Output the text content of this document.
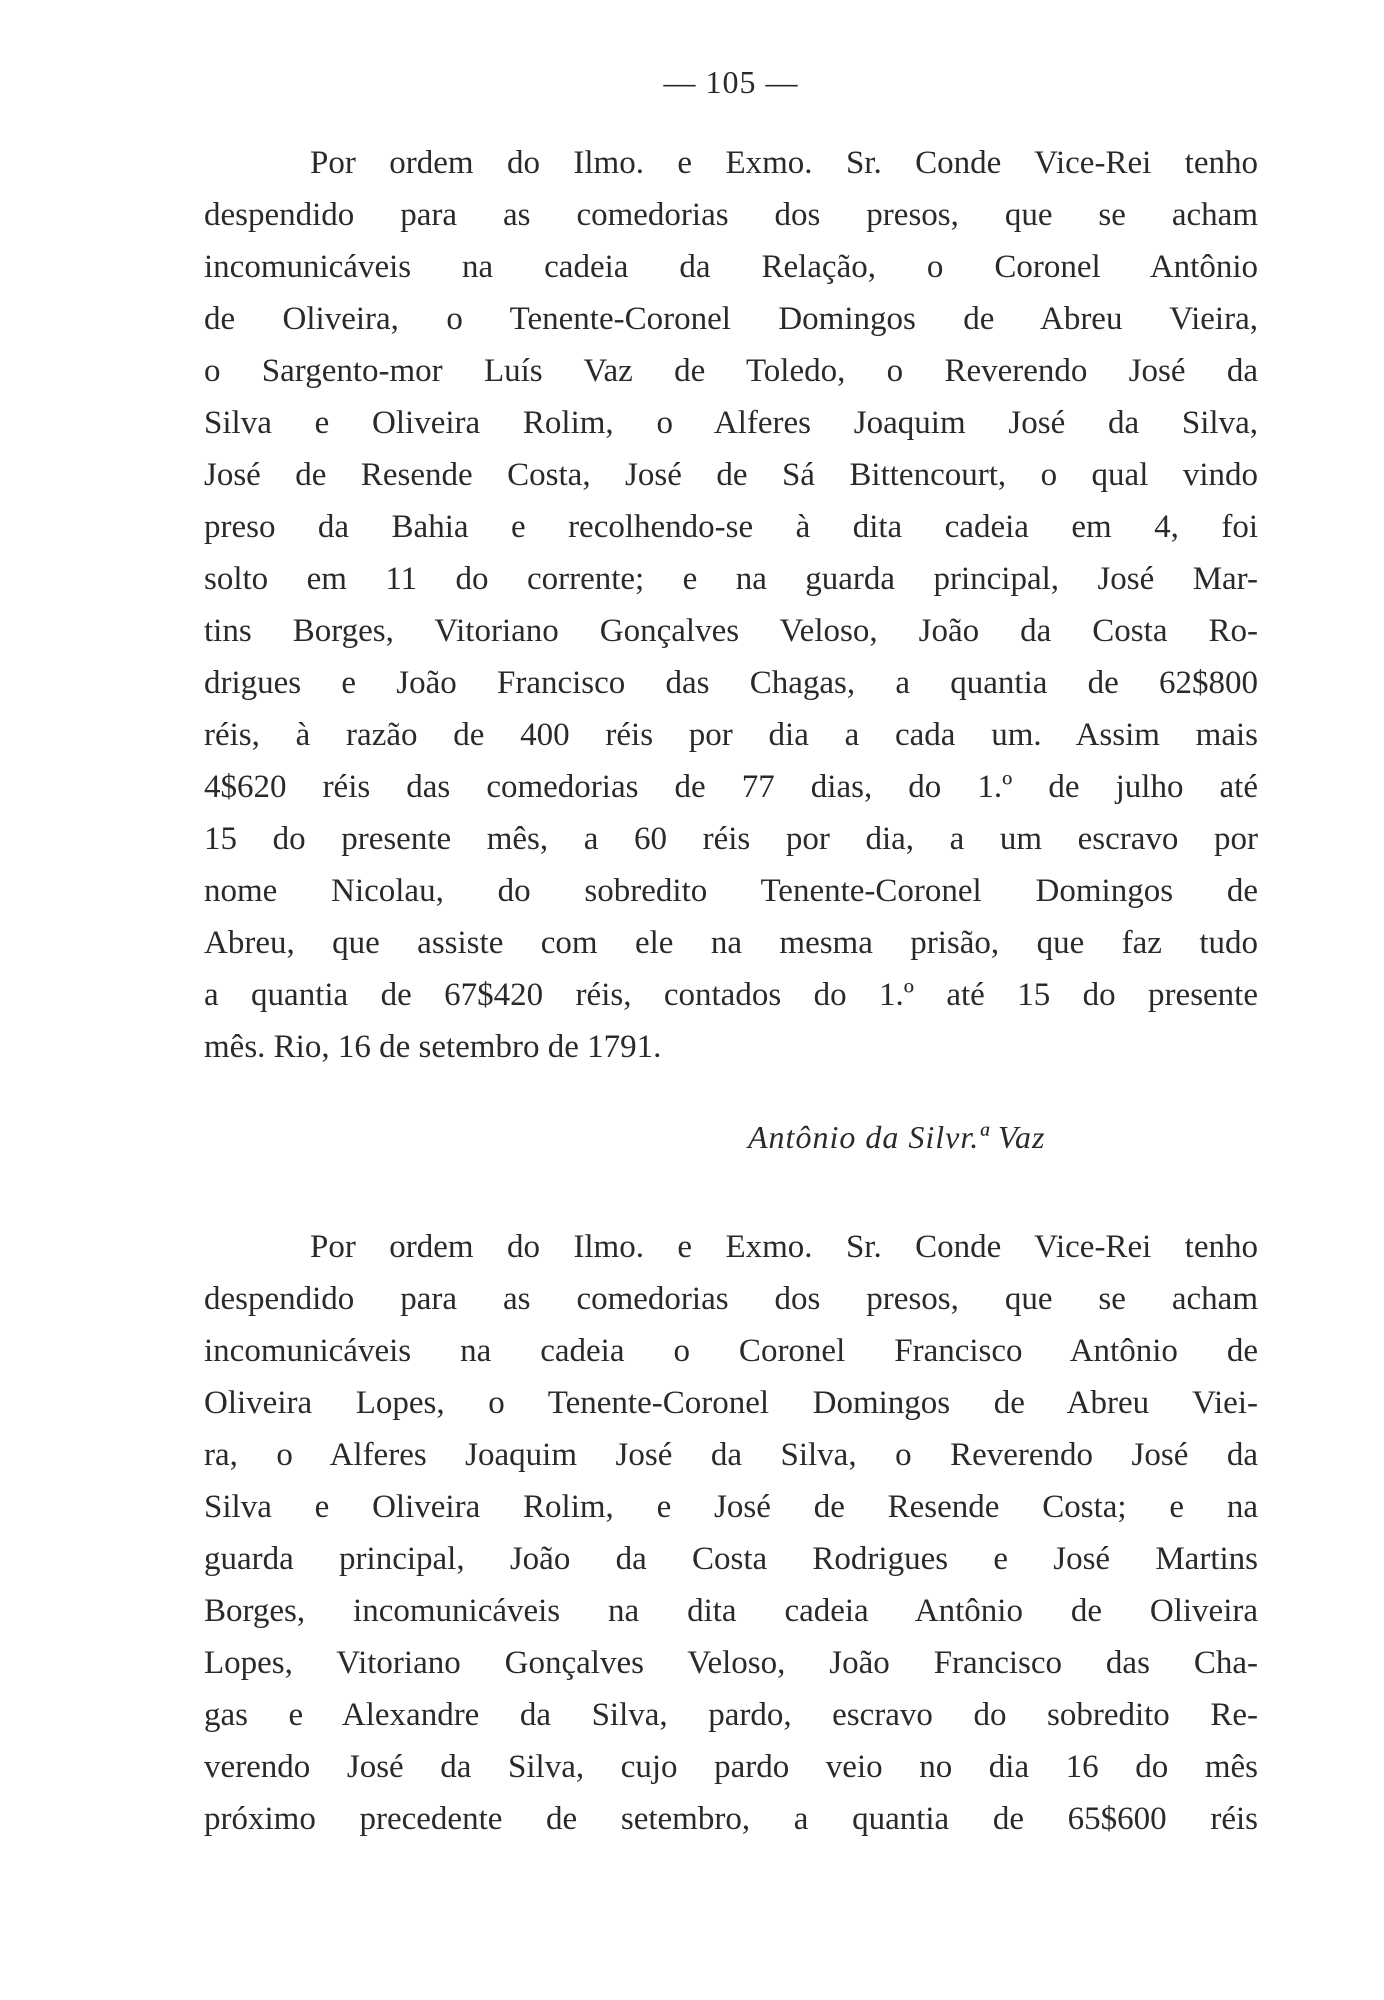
— 105 —
Por ordem do Ilmo. e Exmo. Sr. Conde Vice-Rei tenho
despendido para as comedorias dos presos, que se acham
incomunicáveis na cadeia da Relação, o Coronel Antônio
de Oliveira, o Tenente-Coronel Domingos de Abreu Vieira,
o Sargento-mor Luís Vaz de Toledo, o Reverendo José da
Silva e Oliveira Rolim, o Alferes Joaquim José da Silva,
José de Resende Costa, José de Sá Bittencourt, o qual vindo
preso da Bahia e recolhendo-se à dita cadeia em 4, foi
solto em 11 do corrente; e na guarda principal, José Mar-
tins Borges, Vitoriano Gonçalves Veloso, João da Costa Ro-
drigues e João Francisco das Chagas, a quantia de 62$800
réis, à razão de 400 réis por dia a cada um. Assim mais
4$620 réis das comedorias de 77 dias, do 1.º de julho até
15 do presente mês, a 60 réis por dia, a um escravo por
nome Nicolau, do sobredito Tenente-Coronel Domingos de
Abreu, que assiste com ele na mesma prisão, que faz tudo
a quantia de 67$420 réis, contados do 1.º até 15 do presente
mês. Rio, 16 de setembro de 1791.
Antônio da Silvr.ª Vaz
Por ordem do Ilmo. e Exmo. Sr. Conde Vice-Rei tenho
despendido para as comedorias dos presos, que se acham
incomunicáveis na cadeia o Coronel Francisco Antônio de
Oliveira Lopes, o Tenente-Coronel Domingos de Abreu Viei-
ra, o Alferes Joaquim José da Silva, o Reverendo José da
Silva e Oliveira Rolim, e José de Resende Costa; e na
guarda principal, João da Costa Rodrigues e José Martins
Borges, incomunicáveis na dita cadeia Antônio de Oliveira
Lopes, Vitoriano Gonçalves Veloso, João Francisco das Cha-
gas e Alexandre da Silva, pardo, escravo do sobredito Re-
verendo José da Silva, cujo pardo veio no dia 16 do mês
próximo precedente de setembro, a quantia de 65$600 réis
